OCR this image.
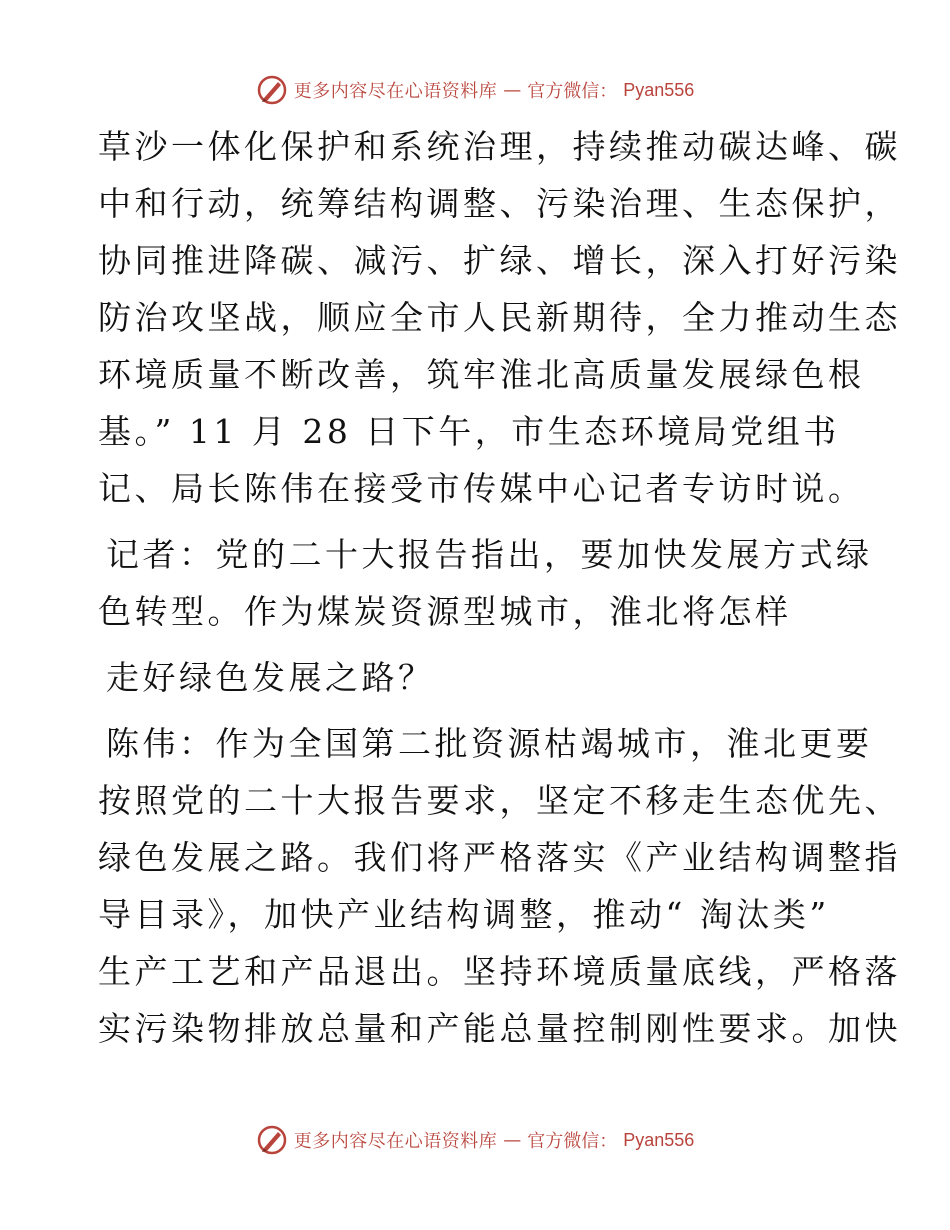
更多内容尽在心语资料库 — 官方微信： Pyan556
草沙一体化保护和系统治理，持续推动碳达峰、碳
中和行动，统筹结构调整、污染治理、生态保护，
协同推进降碳、减污、扩绿、增长，深入打好污染
防治攻坚战，顺应全市人民新期待，全力推动生态
环境质量不断改善，筑牢淮北高质量发展绿色根
基。” 11 月 28 日下午，市生态环境局党组书
记、局长陈伟在接受市传媒中心记者专访时说。
记者：党的二十大报告指出，要加快发展方式绿
色转型。作为煤炭资源型城市，淮北将怎样
走好绿色发展之路？
陈伟：作为全国第二批资源枯竭城市，淮北更要
按照党的二十大报告要求，坚定不移走生态优先、
绿色发展之路。我们将严格落实《产业结构调整指
导目录》，加快产业结构调整，推动“ 淘汰类”
生产工艺和产品退出。坚持环境质量底线，严格落
实污染物排放总量和产能总量控制刚性要求。加快
更多内容尽在心语资料库 — 官方微信： Pyan556
